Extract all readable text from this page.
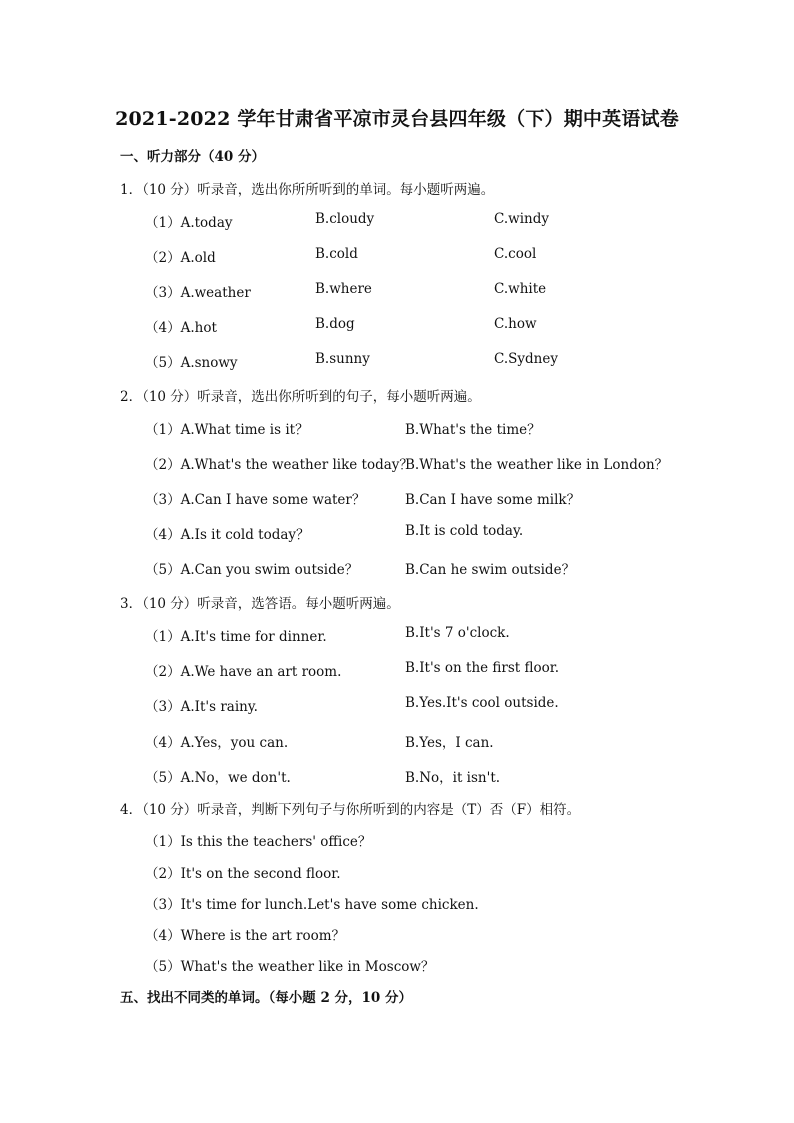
2021-2022 学年甘肃省平凉市灵台县四年级（下）期中英语试卷
一、听力部分（40 分）
1．（10 分）听录音，选出你所所听到的单词。每小题听两遍。
（1）A.today	B.cloudy	C.windy
（2）A.old	B.cold	C.cool
（3）A.weather	B.where	C.white
（4）A.hot	B.dog	C.how
（5）A.snowy	B.sunny	C.Sydney
2．（10 分）听录音，选出你所听到的句子，每小题听两遍。
（1）A.What time is it？	B.What's the time？
（2）A.What's the weather like today？
B.What's the weather like in London？
（3）A.Can I have some water？	B.Can I have some milk？
（4）A.Is it cold today？	B.It is cold today.
（5）A.Can you swim outside？	B.Can he swim outside？
3．（10 分）听录音，选答语。每小题听两遍。
（1）A.It's time for dinner.	B.It's 7 o'clock.
（2）A.We have an art room.	B.It's on the first floor.
（3）A.It's rainy.	B.Yes.It's cool outside.
（4）A.Yes，you can.	B.Yes，I can.
（5）A.No，we don't.	B.No，it isn't.
4．（10 分）听录音，判断下列句子与你所听到的内容是（T）否（F）相符。
（1）Is this the teachers' office？
（2）It's on the second floor.
（3）It's time for lunch.Let's have some chicken.
（4）Where is the art room？
（5）What's the weather like in Moscow？
五、找出不同类的单词。（每小题 2 分，10 分）
